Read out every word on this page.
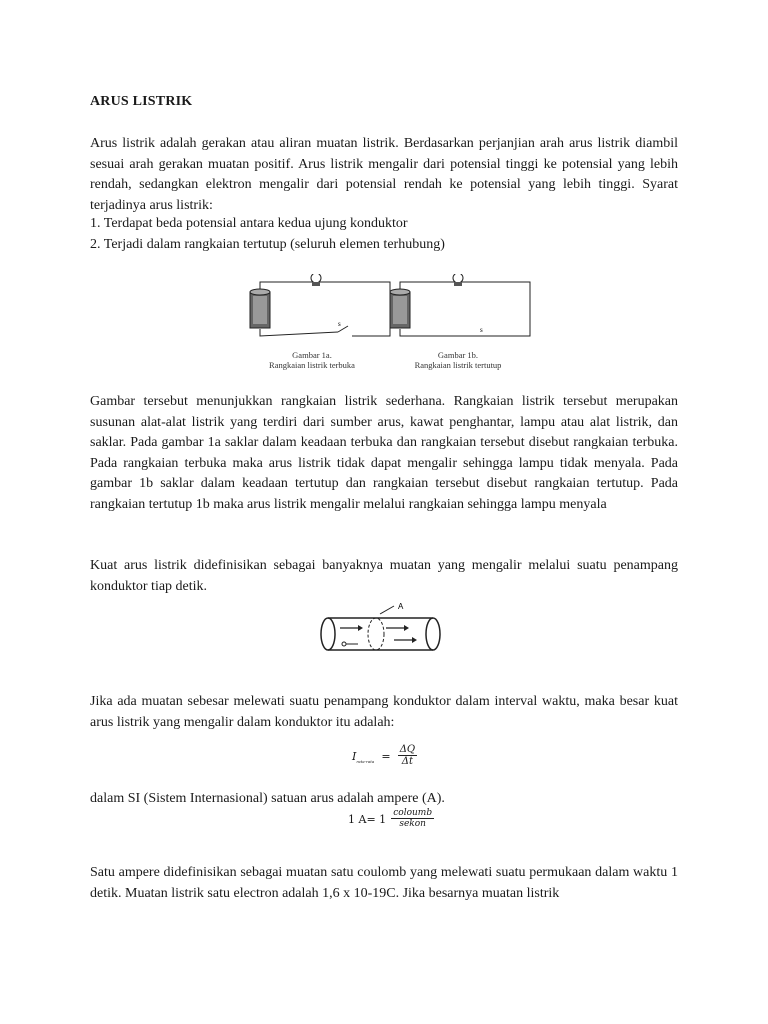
ARUS LISTRIK
Arus listrik adalah gerakan atau aliran muatan listrik. Berdasarkan perjanjian arah arus listrik diambil sesuai arah gerakan muatan positif. Arus listrik mengalir dari potensial tinggi ke potensial yang lebih rendah, sedangkan elektron mengalir dari potensial rendah ke potensial yang lebih tinggi. Syarat terjadinya arus listrik:
1. Terdapat beda potensial antara kedua ujung konduktor
2. Terjadi dalam rangkaian tertutup (seluruh elemen terhubung)
s
Gambar 1a.
Rangkaian listrik terbuka
s
Gambar 1b.
Rangkaian listrik tertutup
Gambar tersebut menunjukkan rangkaian listrik sederhana. Rangkaian listrik tersebut merupakan susunan alat-alat listrik yang terdiri dari sumber arus, kawat penghantar, lampu atau alat listrik, dan saklar. Pada gambar 1a saklar dalam keadaan terbuka dan rangkaian tersebut disebut rangkaian terbuka. Pada rangkaian terbuka maka arus listrik tidak dapat mengalir sehingga lampu tidak menyala. Pada gambar 1b saklar dalam keadaan tertutup dan rangkaian tersebut disebut rangkaian tertutup. Pada rangkaian tertutup 1b maka arus listrik mengalir melalui rangkaian sehingga lampu menyala
Kuat arus listrik didefinisikan sebagai banyaknya muatan yang mengalir melalui suatu penampang konduktor tiap detik.
A
Jika ada muatan sebesar melewati suatu penampang konduktor dalam interval waktu, maka besar kuat arus listrik yang mengalir dalam konduktor itu adalah:
Irata-rata = $\frac{\Delta Q}{\Delta t}$
dalam SI (Sistem Internasional) satuan arus adalah ampere (A).
1 $A= 1 \frac{\text{coloumb}}{\text{sekon}}$
Satu ampere didefinisikan sebagai muatan satu coulomb yang melewati suatu permukaan dalam waktu 1 detik. Muatan listrik satu electron adalah 1,6 x 10-19C. Jika besarnya muatan listrik
